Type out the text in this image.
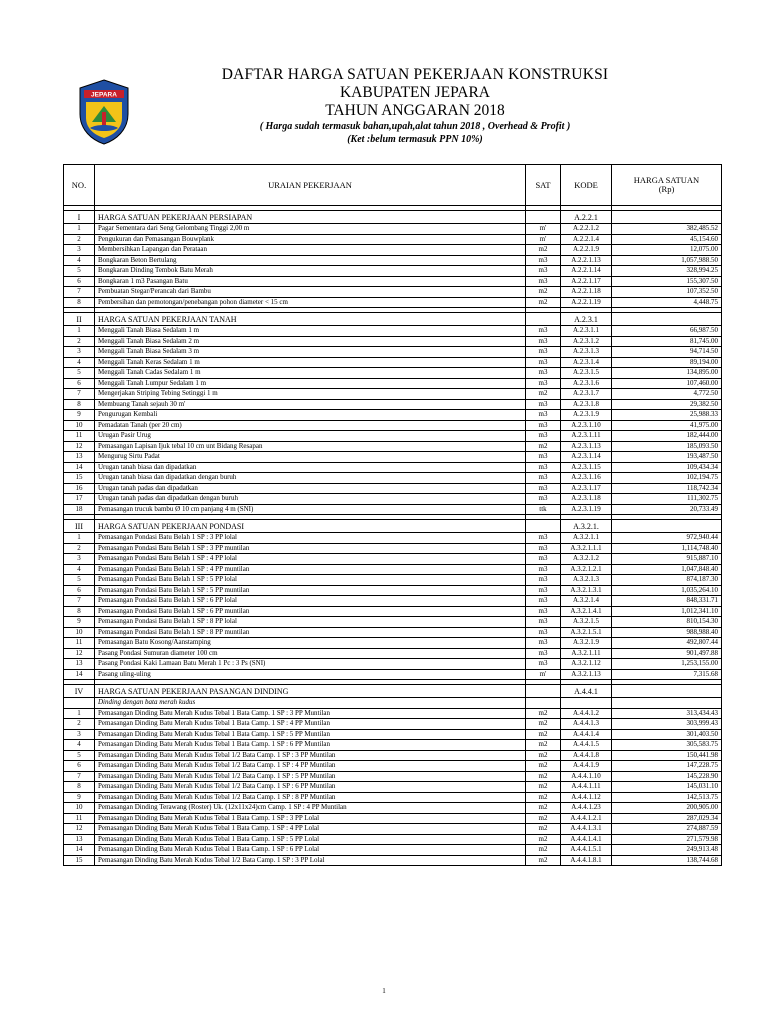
JEPARA
DAFTAR HARGA SATUAN PEKERJAAN KONSTRUKSI
KABUPATEN JEPARA
TAHUN ANGGARAN 2018
( Harga sudah termasuk bahan,upah,alat tahun 2018 , Overhead & Profit )
(Ket :belum termasuk PPN 10%)
NO.	URAIAN PEKERJAAN	SAT	KODE	HARGA SATUAN
(Rp)

I	HARGA SATUAN PEKERJAAN PERSIAPAN		A.2.2.1	
1	Pagar Sementara dari Seng Gelombang Tinggi 2,00 m	m'	A.2.2.1.2	382,485.52
2	Pengukuran dan Pemasangan Bouwplank	m'	A.2.2.1.4	45,154.60
3	Membersihkan Lapangan dan Perataan	m2	A.2.2.1.9	12,075.00
4	Bongkaran Beton Bertulang	m3	A.2.2.1.13	1,057,988.50
5	Bongkaran Dinding Tembok Batu Merah	m3	A.2.2.1.14	328,994.25
6	Bongkaran 1 m3 Pasangan Batu	m3	A.2.2.1.17	155,307.50
7	Pembuatan Stegar/Perancah dari Bambu	m2	A.2.2.1.18	107,352.50
8	Pembersihan dan pemotongan/penebangan pohon diameter < 15 cm	m2	A.2.2.1.19	4,448.75

II	HARGA SATUAN PEKERJAAN TANAH		A.2.3.1	
1	Menggali Tanah Biasa Sedalam 1 m	m3	A.2.3.1.1	66,987.50
2	Menggali Tanah Biasa Sedalam 2 m	m3	A.2.3.1.2	81,745.00
3	Menggali Tanah Biasa Sedalam 3 m	m3	A.2.3.1.3	94,714.50
4	Menggali Tanah Keras Sedalam 1 m	m3	A.2.3.1.4	89,194.00
5	Menggali Tanah Cadas Sedalam 1 m	m3	A.2.3.1.5	134,895.00
6	Menggali Tanah Lumpur Sedalam 1 m	m3	A.2.3.1.6	107,460.00
7	Mengerjakan Striping Tebing Setinggi 1 m	m2	A.2.3.1.7	4,772.50
8	Membuang Tanah sejauh 30 m'	m3	A.2.3.1.8	29,382.50
9	Pengurugan Kembali	m3	A.2.3.1.9	25,988.33
10	Pemadatan Tanah (per 20 cm)	m3	A.2.3.1.10	41,975.00
11	Urugan Pasir Urug	m3	A.2.3.1.11	182,444.00
12	Pemasangan Lapisan Ijuk tebal 10 cm unt Bidang Resapan	m2	A.2.3.1.13	185,093.50
13	Mengurug Sirtu Padat	m3	A.2.3.1.14	193,487.50
14	Urugan tanah biasa dan dipadatkan	m3	A.2.3.1.15	109,434.34
15	Urugan tanah biasa dan dipadatkan dengan buruh	m3	A.2.3.1.16	102,194.75
16	Urugan tanah padas dan dipadatkan	m3	A.2.3.1.17	118,742.34
17	Urugan tanah padas dan dipadatkan dengan buruh	m3	A.2.3.1.18	111,302.75
18	Pemasangan trucuk bambu Ø 10 cm panjang 4 m (SNI)	ttk	A.2.3.1.19	20,733.49

III	HARGA SATUAN PEKERJAAN PONDASI		A.3.2.1.	
1	Pemasangan Pondasi Batu Belah 1 SP : 3 PP lolal	m3	A.3.2.1.1	972,940.44
2	Pemasangan Pondasi Batu Belah 1 SP : 3 PP muntilan	m3	A.3.2.1.1.1	1,114,748.40
3	Pemasangan Pondasi Batu Belah 1 SP : 4 PP lolal	m3	A.3.2.1.2	915,887.10
4	Pemasangan Pondasi Batu Belah 1 SP : 4 PP muntilan	m3	A.3.2.1.2.1	1,047,848.40
5	Pemasangan Pondasi Batu Belah 1 SP : 5 PP lolal	m3	A.3.2.1.3	874,187.30
6	Pemasangan Pondasi Batu Belah 1 SP : 5 PP muntilan	m3	A.3.2.1.3.1	1,035,264.10
7	Pemasangan Pondasi Batu Belah 1 SP : 6 PP lolal	m3	A.3.2.1.4	848,331.71
8	Pemasangan Pondasi Batu Belah 1 SP : 6 PP muntilan	m3	A.3.2.1.4.1	1,012,341.10
9	Pemasangan Pondasi Batu Belah 1 SP : 8 PP lolal	m3	A.3.2.1.5	810,154.30
10	Pemasangan Pondasi Batu Belah 1 SP : 8 PP muntilan	m3	A.3.2.1.5.1	988,988.40
11	Pemasangan Batu Kosong/Aanstamping	m3	A.3.2.1.9	492,807.44
12	Pasang Pondasi Sumuran diameter 100 cm	m3	A.3.2.1.11	901,497.88
13	Pasang Pondasi Kaki Lamaan Batu Merah 1 Pc : 3 Ps (SNI)	m3	A.3.2.1.12	1,253,155.00
14	Pasang uling-uling	m'	A.3.2.1.13	7,315.68

IV	HARGA SATUAN PEKERJAAN PASANGAN DINDING		A.4.4.1	
	Dinding dengan bata merah kudus			
1	Pemasangan Dinding Batu Merah Kudus Tebal 1 Bata Camp. 1 SP : 3 PP Muntilan	m2	A.4.4.1.2	313,434.43
2	Pemasangan Dinding Batu Merah Kudus Tebal 1 Bata Camp. 1 SP : 4 PP Muntilan	m2	A.4.4.1.3	303,999.43
3	Pemasangan Dinding Batu Merah Kudus Tebal 1 Bata Camp. 1 SP : 5 PP Muntilan	m2	A.4.4.1.4	301,403.50
4	Pemasangan Dinding Batu Merah Kudus Tebal 1 Bata Camp. 1 SP : 6 PP Muntilan	m2	A.4.4.1.5	305,583.75
5	Pemasangan Dinding Batu Merah Kudus Tebal 1/2 Bata Camp. 1 SP : 3 PP Muntilan	m2	A.4.4.1.8	150,441.98
6	Pemasangan Dinding Batu Merah Kudus Tebal 1/2 Bata Camp. 1 SP : 4 PP Muntilan	m2	A.4.4.1.9	147,228.75
7	Pemasangan Dinding Batu Merah Kudus Tebal 1/2 Bata Camp. 1 SP : 5 PP Muntilan	m2	A.4.4.1.10	145,228.90
8	Pemasangan Dinding Batu Merah Kudus Tebal 1/2 Bata Camp. 1 SP : 6 PP Muntilan	m2	A.4.4.1.11	145,031.10
9	Pemasangan Dinding Batu Merah Kudus Tebal 1/2 Bata Camp. 1 SP : 8 PP Muntilan	m2	A.4.4.1.12	142,513.75
10	Pemasangan Dinding Terawang (Roster) Uk. (12x11x24)cm Camp. 1 SP : 4 PP Muntilan	m2	A.4.4.1.23	200,905.00
11	Pemasangan Dinding Batu Merah Kudus Tebal 1 Bata Camp. 1 SP : 3 PP Lolal	m2	A.4.4.1.2.1	287,029.34
12	Pemasangan Dinding Batu Merah Kudus Tebal 1 Bata Camp. 1 SP : 4 PP Lolal	m2	A.4.4.1.3.1	274,887.59
13	Pemasangan Dinding Batu Merah Kudus Tebal 1 Bata Camp. 1 SP : 5 PP Lolal	m2	A.4.4.1.4.1	271,579.98
14	Pemasangan Dinding Batu Merah Kudus Tebal 1 Bata Camp. 1 SP : 6 PP Lolal	m2	A.4.4.1.5.1	249,913.48
15	Pemasangan Dinding Batu Merah Kudus Tebal 1/2 Bata Camp. 1 SP : 3 PP Lolal	m2	A.4.4.1.8.1	138,744.68
1
